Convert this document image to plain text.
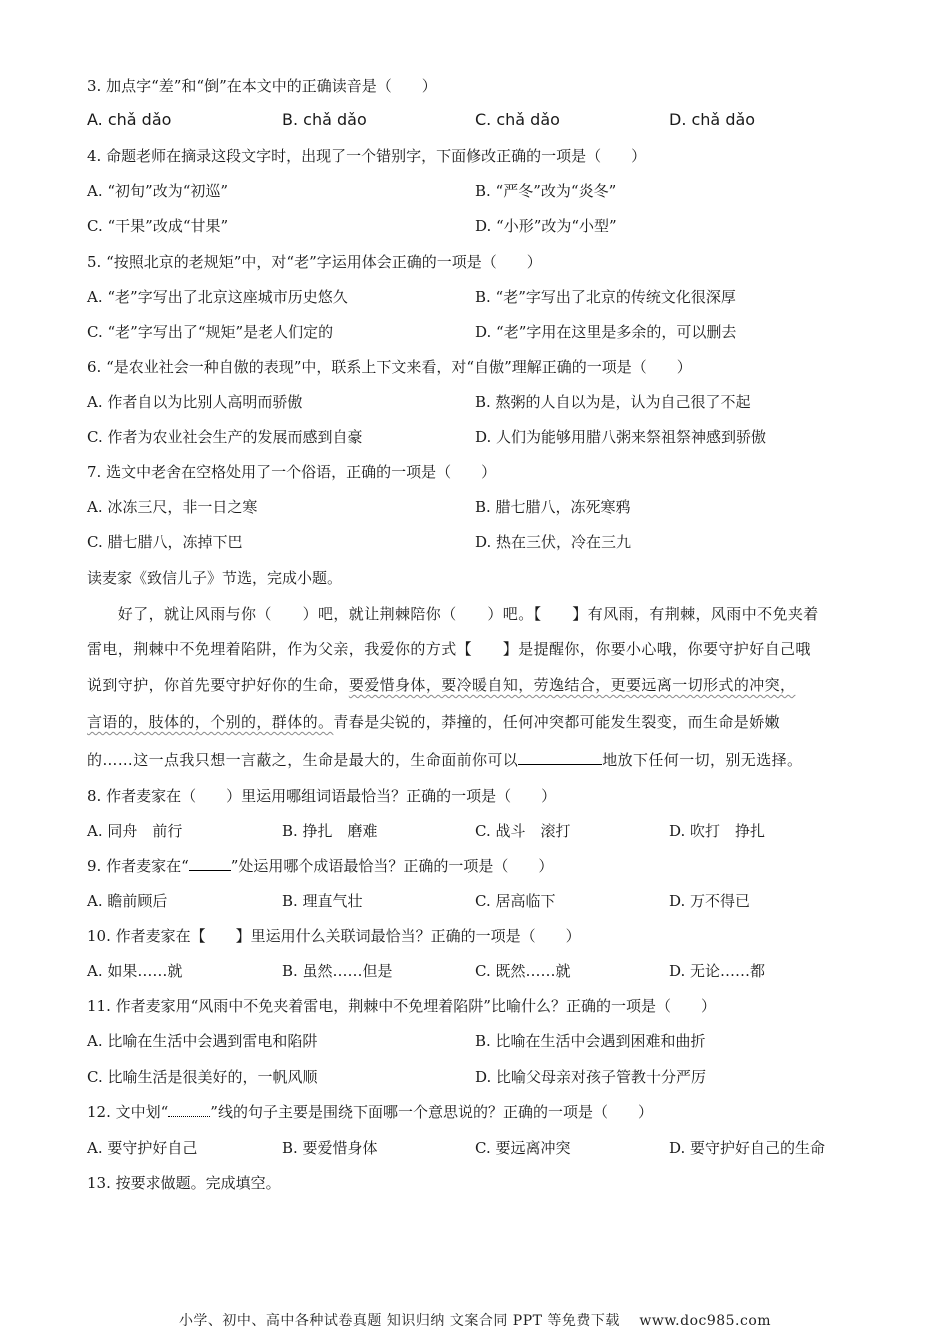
3. 加点字“差”和“倒”在本文中的正确读音是（　　）
A. chǎ dǎo	B. chǎ dǎo	C. chǎ dǎo	D. chǎ dǎo
4. 命题老师在摘录这段文字时，出现了一个错别字，下面修改正确的一项是（　　）
A. “初旬”改为“初巡”	B. “严冬”改为“炎冬”
C. “干果”改成“甘果”	D. “小形”改为“小型”
5. “按照北京的老规矩”中，对“老”字运用体会正确的一项是（　　）
A. “老”字写出了北京这座城市历史悠久	B. “老”字写出了北京的传统文化很深厚
C. “老”字写出了“规矩”是老人们定的	D. “老”字用在这里是多余的，可以删去
6. “是农业社会一种自傲的表现”中，联系上下文来看，对“自傲”理解正确的一项是（　　）
A. 作者自以为比别人高明而骄傲	B. 熬粥的人自以为是，认为自己很了不起
C. 作者为农业社会生产的发展而感到自豪	D. 人们为能够用腊八粥来祭祖祭神感到骄傲
7. 选文中老舍在空格处用了一个俗语，正确的一项是（　　）
A. 冰冻三尺，非一日之寒	B. 腊七腊八，冻死寒鸦
C. 腊七腊八，冻掉下巴	D. 热在三伏，冷在三九
读麦家《致信儿子》节选，完成小题。
　　好了，就让风雨与你（　　）吧，就让荆棘陪你（　　）吧。【　　】有风雨，有荆棘，风雨中不免夹着
雷电，荆棘中不免埋着陷阱，作为父亲，我爱你的方式【　　】是提醒你，你要小心哦，你要守护好自己哦
说到守护，你首先要守护好你的生命，要爱惜身体，要冷暖自知，劳逸结合，更要远离一切形式的冲突，
言语的，肢体的，个别的，群体的。青春是尖锐的，莽撞的，任何冲突都可能发生裂变，而生命是娇嫩
的……这一点我只想一言蔽之，生命是最大的，生命面前你可以	地放下任何一切，别无选择。
8. 作者麦家在（　　）里运用哪组词语最恰当？正确的一项是（　　）
A. 同舟　前行	B. 挣扎　磨难	C. 战斗　滚打	D. 吹打　挣扎
9. 作者麦家在“	”处运用哪个成语最恰当？正确的一项是（　　）
A. 瞻前顾后	B. 理直气壮	C. 居高临下	D. 万不得已
10. 作者麦家在【　　】里运用什么关联词最恰当？正确的一项是（　　）
A. 如果……就	B. 虽然……但是	C. 既然……就	D. 无论……都
11. 作者麦家用“风雨中不免夹着雷电，荆棘中不免埋着陷阱”比喻什么？正确的一项是（　　）
A. 比喻在生活中会遇到雷电和陷阱	B. 比喻在生活中会遇到困难和曲折
C. 比喻生活是很美好的，一帆风顺	D. 比喻父母亲对孩子管教十分严厉
12. 文中划“	”线的句子主要是围绕下面哪一个意思说的？正确的一项是（　　）
A. 要守护好自己	B. 要爱惜身体	C. 要远离冲突	D. 要守护好自己的生命
13. 按要求做题。完成填空。
小学、初中、高中各种试卷真题 知识归纳 文案合同 PPT 等免费下载　 www.doc985.com
